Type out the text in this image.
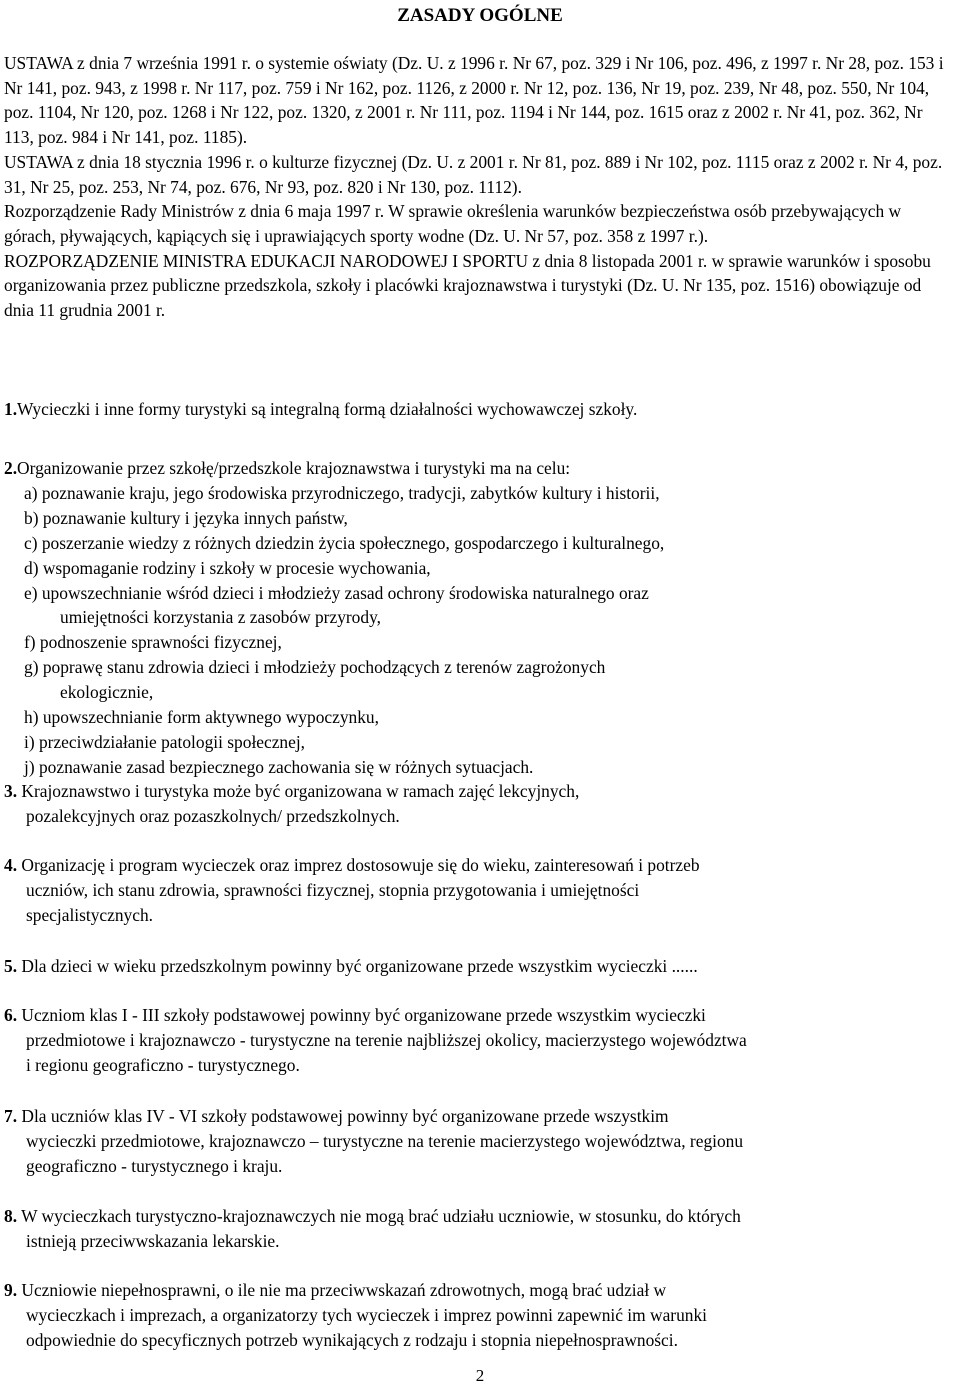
ZASADY OGÓLNE

USTAWA z dnia 7 września 1991 r. o systemie oświaty (Dz. U. z 1996 r. Nr 67, poz. 329 i Nr 106, poz. 496, z 1997 r. Nr 28, poz. 153 i Nr 141, poz. 943, z 1998 r. Nr 117, poz. 759 i Nr 162, poz. 1126, z 2000 r. Nr 12, poz. 136, Nr 19, poz. 239, Nr 48, poz. 550, Nr 104, poz. 1104, Nr 120, poz. 1268 i Nr 122, poz. 1320, z 2001 r. Nr 111, poz. 1194 i Nr 144, poz. 1615 oraz z 2002 r. Nr 41, poz. 362, Nr 113, poz. 984 i Nr 141, poz. 1185).

USTAWA z dnia 18 stycznia 1996 r. o kulturze fizycznej (Dz. U. z 2001 r. Nr 81, poz. 889 i Nr 102, poz. 1115 oraz z 2002 r. Nr 4, poz. 31, Nr 25, poz. 253, Nr 74, poz. 676, Nr 93, poz. 820 i Nr 130, poz. 1112).

Rozporządzenie Rady Ministrów z dnia 6 maja 1997 r. W sprawie określenia warunków bezpieczeństwa osób przebywających w górach, pływających, kąpiących się i uprawiających sporty wodne (Dz. U. Nr 57, poz. 358 z 1997 r.).

ROZPORZĄDZENIE MINISTRA EDUKACJI NARODOWEJ I SPORTU z dnia 8 listopada 2001 r. w sprawie warunków i sposobu organizowania przez publiczne przedszkola, szkoły i placówki krajoznawstwa i turystyki (Dz. U. Nr 135, poz. 1516) obowiązuje od dnia 11 grudnia 2001 r.

1.Wycieczki i inne formy turystyki są integralną formą działalności wychowawczej szkoły.

2.Organizowanie przez szkołę/przedszkole krajoznawstwa i turystyki ma na celu:

a) poznawanie kraju, jego środowiska przyrodniczego, tradycji, zabytków kultury i historii,

b) poznawanie kultury i języka innych państw,

c) poszerzanie wiedzy z różnych dziedzin życia społecznego, gospodarczego i kulturalnego,

d) wspomaganie rodziny i szkoły w procesie wychowania,

e) upowszechnianie wśród dzieci i młodzieży zasad ochrony środowiska naturalnego oraz
umiejętności korzystania z zasobów przyrody,

f) podnoszenie sprawności fizycznej,

g) poprawę stanu zdrowia dzieci i młodzieży pochodzących z terenów zagrożonych
ekologicznie,

h) upowszechnianie form aktywnego wypoczynku,

i) przeciwdziałanie patologii społecznej,

j) poznawanie zasad bezpiecznego zachowania się w różnych sytuacjach.

3. Krajoznawstwo i turystyka może być organizowana w ramach zajęć lekcyjnych,
pozalekcyjnych oraz pozaszkolnych/ przedszkolnych.

4. Organizację i program wycieczek oraz imprez dostosowuje się do wieku, zainteresowań i potrzeb
uczniów, ich stanu zdrowia, sprawności fizycznej, stopnia przygotowania i umiejętności
specjalistycznych.

5. Dla dzieci w wieku przedszkolnym powinny być organizowane przede wszystkim wycieczki ......

6. Uczniom klas I - III szkoły podstawowej powinny być organizowane przede wszystkim wycieczki
przedmiotowe i krajoznawczo - turystyczne na terenie najbliższej okolicy, macierzystego województwa
i regionu geograficzno - turystycznego.

7. Dla uczniów klas IV - VI szkoły podstawowej powinny być organizowane przede wszystkim
wycieczki przedmiotowe, krajoznawczo – turystyczne na terenie macierzystego województwa, regionu
geograficzno - turystycznego i kraju.

8. W wycieczkach turystyczno-krajoznawczych nie mogą brać udziału uczniowie, w stosunku, do których
istnieją przeciwwskazania lekarskie.

9. Uczniowie niepełnosprawni, o ile nie ma przeciwwskazań zdrowotnych, mogą brać udział w
wycieczkach i imprezach, a organizatorzy tych wycieczek i imprez powinni zapewnić im warunki
odpowiednie do specyficznych potrzeb wynikających z rodzaju i stopnia niepełnosprawności.

2
